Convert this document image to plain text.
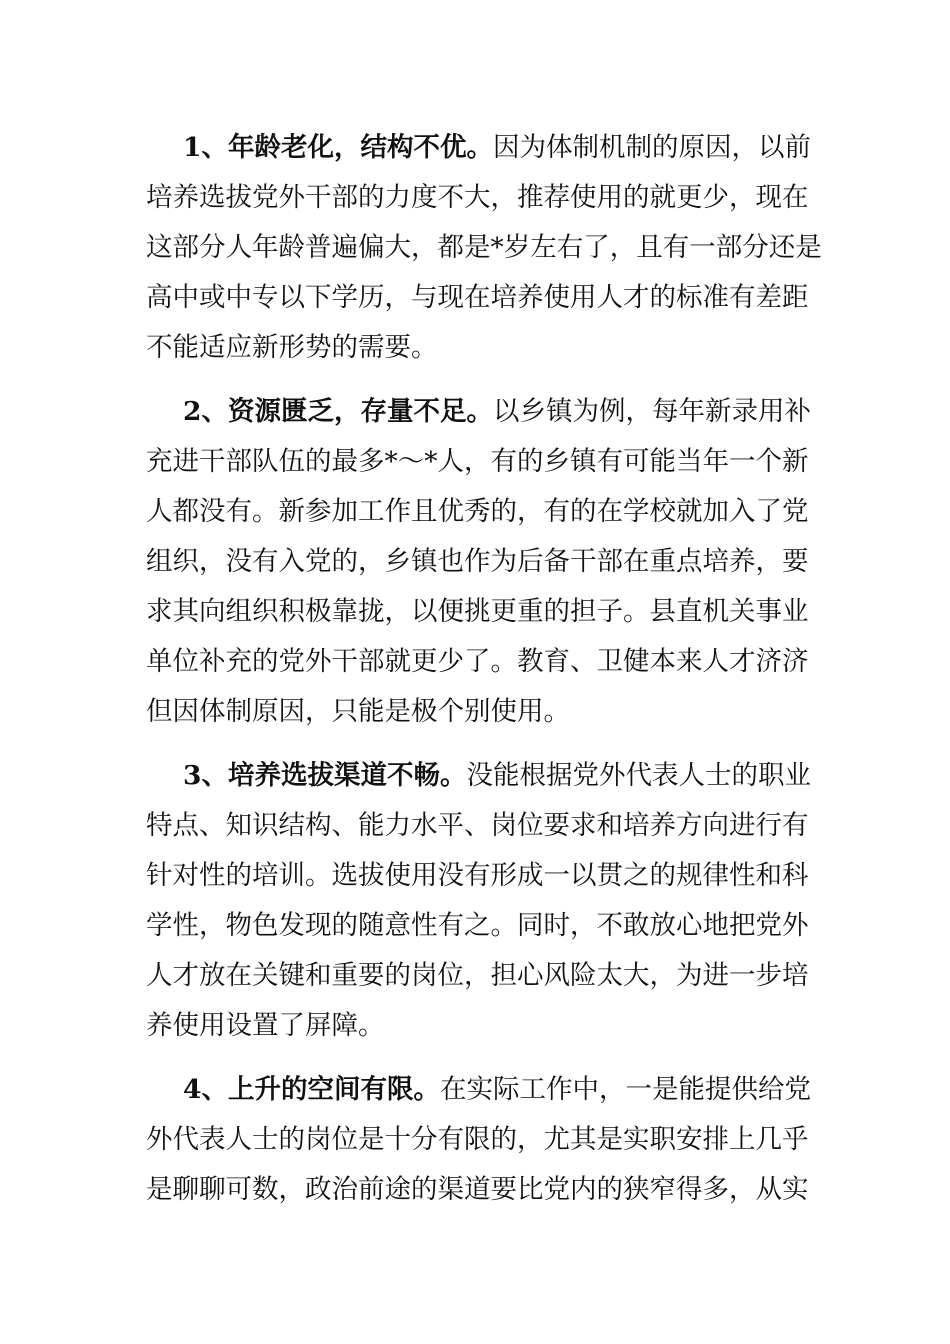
1、年龄老化，结构不优。因为体制机制的原因，以前
培养选拔党外干部的力度不大，推荐使用的就更少，现在
这部分人年龄普遍偏大，都是*岁左右了，且有一部分还是
高中或中专以下学历，与现在培养使用人才的标准有差距
不能适应新形势的需要。
2、资源匮乏，存量不足。以乡镇为例，每年新录用补
充进干部队伍的最多*～*人，有的乡镇有可能当年一个新
人都没有。新参加工作且优秀的，有的在学校就加入了党
组织，没有入党的，乡镇也作为后备干部在重点培养，要
求其向组织积极靠拢，以便挑更重的担子。县直机关事业
单位补充的党外干部就更少了。教育、卫健本来人才济济
但因体制原因，只能是极个别使用。
3、培养选拔渠道不畅。没能根据党外代表人士的职业
特点、知识结构、能力水平、岗位要求和培养方向进行有
针对性的培训。选拔使用没有形成一以贯之的规律性和科
学性，物色发现的随意性有之。同时，不敢放心地把党外
人才放在关键和重要的岗位，担心风险太大，为进一步培
养使用设置了屏障。
4、上升的空间有限。在实际工作中，一是能提供给党
外代表人士的岗位是十分有限的，尤其是实职安排上几乎
是聊聊可数，政治前途的渠道要比党内的狭窄得多，从实
